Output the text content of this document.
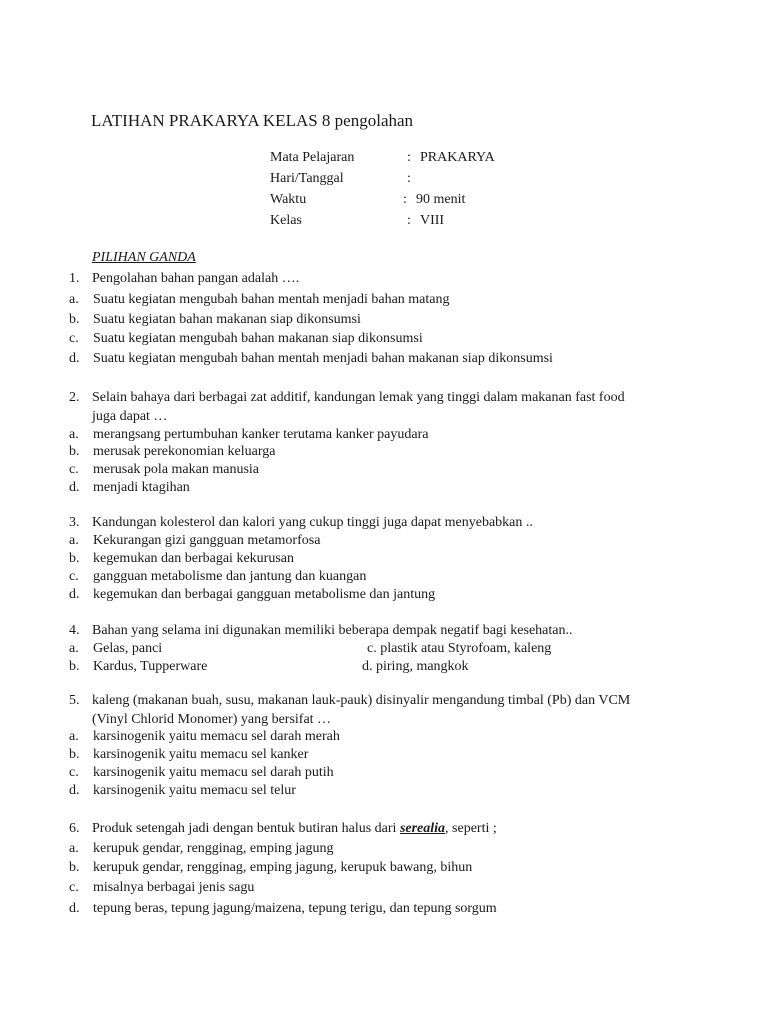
LATIHAN PRAKARYA KELAS 8 pengolahan
Mata Pelajaran	: PRAKARYA
Hari/Tanggal	:
Waktu	: 90 menit
Kelas	: VIII
PILIHAN GANDA
1. Pengolahan bahan pangan adalah ….
a. Suatu kegiatan mengubah bahan mentah menjadi bahan matang
b. Suatu kegiatan bahan makanan siap dikonsumsi
c. Suatu kegiatan mengubah bahan makanan siap dikonsumsi
d. Suatu kegiatan mengubah bahan mentah menjadi bahan makanan siap dikonsumsi
2. Selain bahaya dari berbagai zat additif, kandungan lemak yang tinggi dalam makanan fast food
juga dapat …
a. merangsang pertumbuhan kanker terutama kanker payudara
b. merusak perekonomian keluarga
c. merusak pola makan manusia
d. menjadi ktagihan
3. Kandungan kolesterol dan kalori yang cukup tinggi juga dapat menyebabkan ..
a. Kekurangan gizi gangguan metamorfosa
b. kegemukan dan berbagai kekurusan
c. gangguan metabolisme dan jantung dan kuangan
d. kegemukan dan berbagai gangguan metabolisme dan jantung
4. Bahan yang selama ini digunakan memiliki beberapa dempak negatif bagi kesehatan..
a. Gelas, panci	c. plastik atau Styrofoam, kaleng
b. Kardus, Tupperware	d. piring, mangkok
5. kaleng (makanan buah, susu, makanan lauk-pauk) disinyalir mengandung timbal (Pb) dan VCM
(Vinyl Chlorid Monomer) yang bersifat …
a. karsinogenik yaitu memacu sel darah merah
b. karsinogenik yaitu memacu sel kanker
c. karsinogenik yaitu memacu sel darah putih
d. karsinogenik yaitu memacu sel telur
6. Produk setengah jadi dengan bentuk butiran halus dari serealia, seperti ;
a. kerupuk gendar, rengginag, emping jagung
b. kerupuk gendar, rengginag, emping jagung, kerupuk bawang, bihun
c. misalnya berbagai jenis sagu
d. tepung beras, tepung jagung/maizena, tepung terigu, dan tepung sorgum
